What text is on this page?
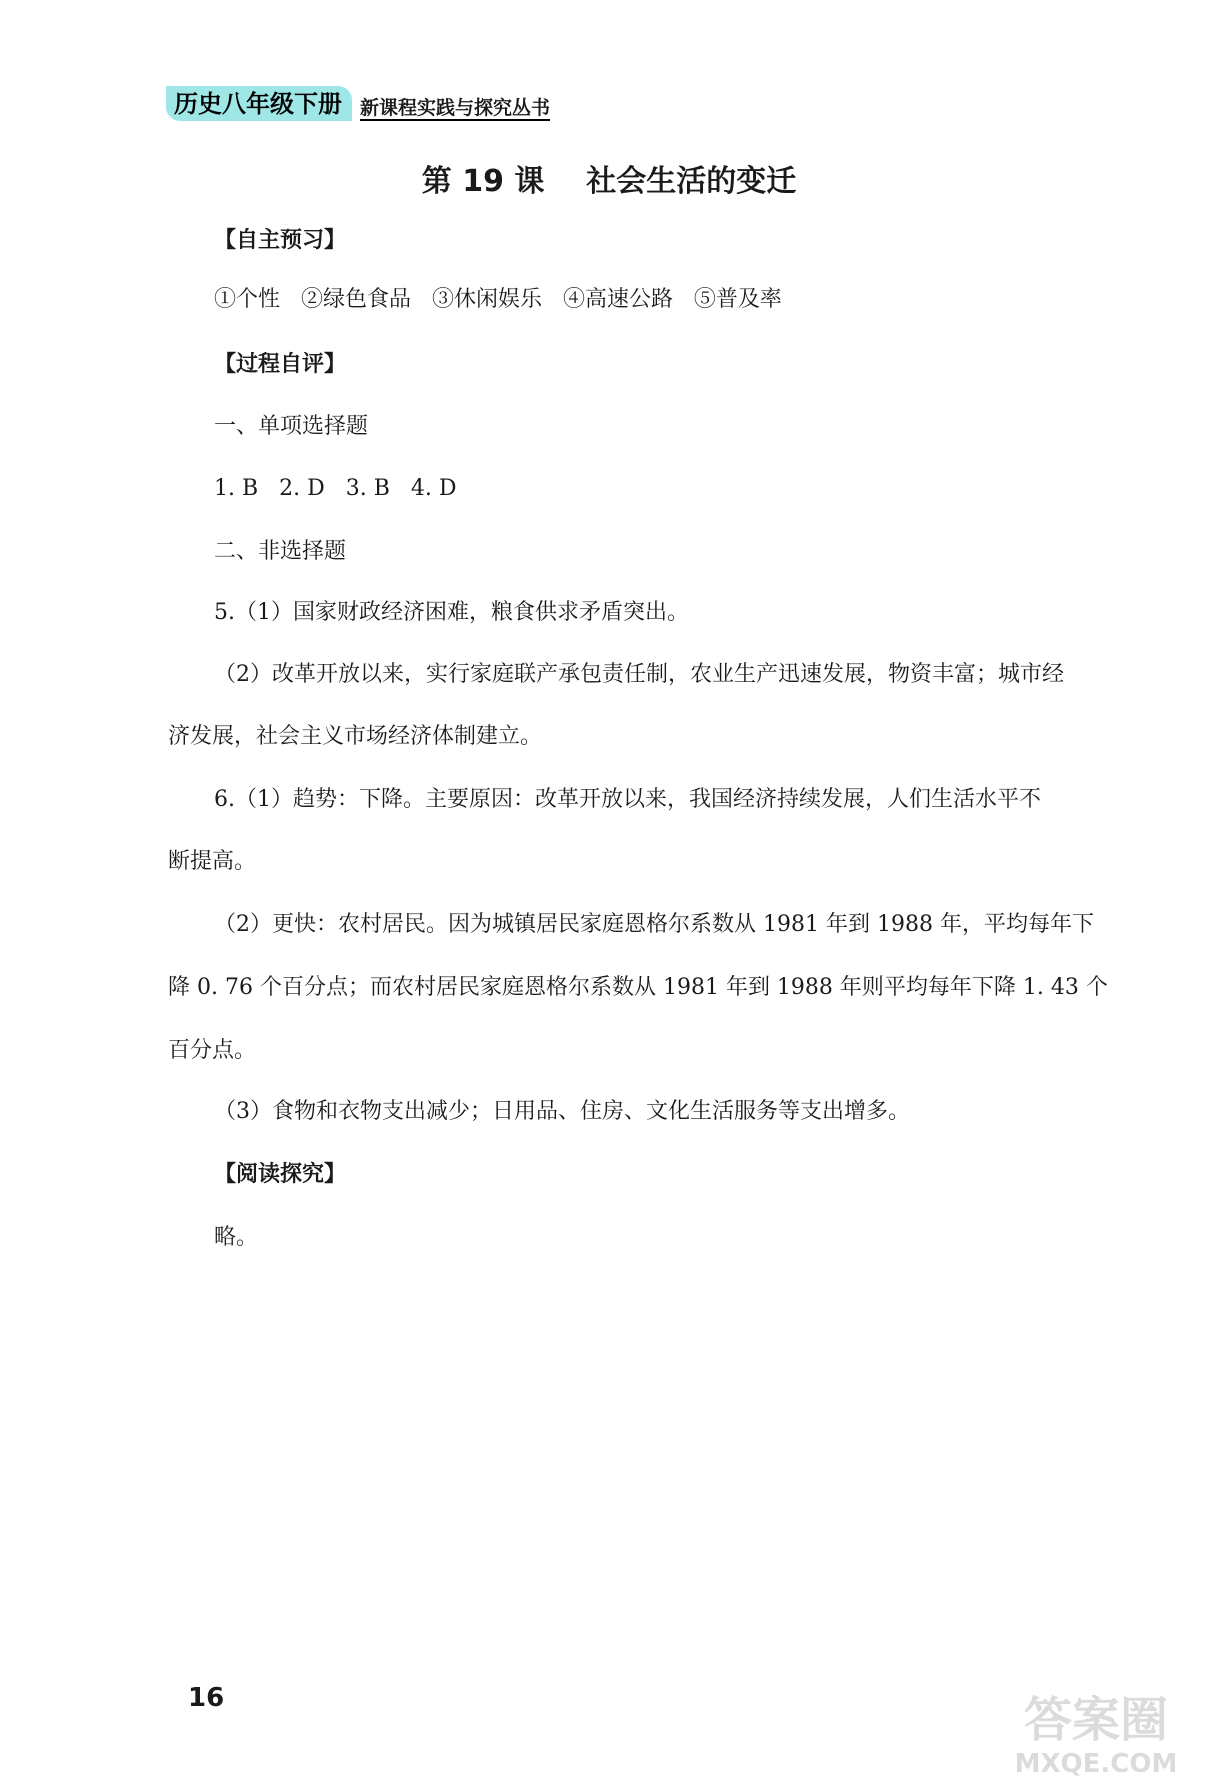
历史八年级下册 新课程实践与探究丛书
第 19 课    社会生活的变迁
【自主预习】
①个性   ②绿色食品   ③休闲娱乐   ④高速公路   ⑤普及率
【过程自评】
一、单项选择题
1. B   2. D   3. B   4. D
二、非选择题
5.（1）国家财政经济困难，粮食供求矛盾突出。
（2）改革开放以来，实行家庭联产承包责任制，农业生产迅速发展，物资丰富；城市经
济发展，社会主义市场经济体制建立。
6.（1）趋势：下降。主要原因：改革开放以来，我国经济持续发展，人们生活水平不
断提高。
（2）更快：农村居民。因为城镇居民家庭恩格尔系数从 1981 年到 1988 年，平均每年下
降 0. 76 个百分点；而农村居民家庭恩格尔系数从 1981 年到 1988 年则平均每年下降 1. 43 个
百分点。
（3）食物和衣物支出减少；日用品、住房、文化生活服务等支出增多。
【阅读探究】
略。
16	答案圈
MXQE.COM
